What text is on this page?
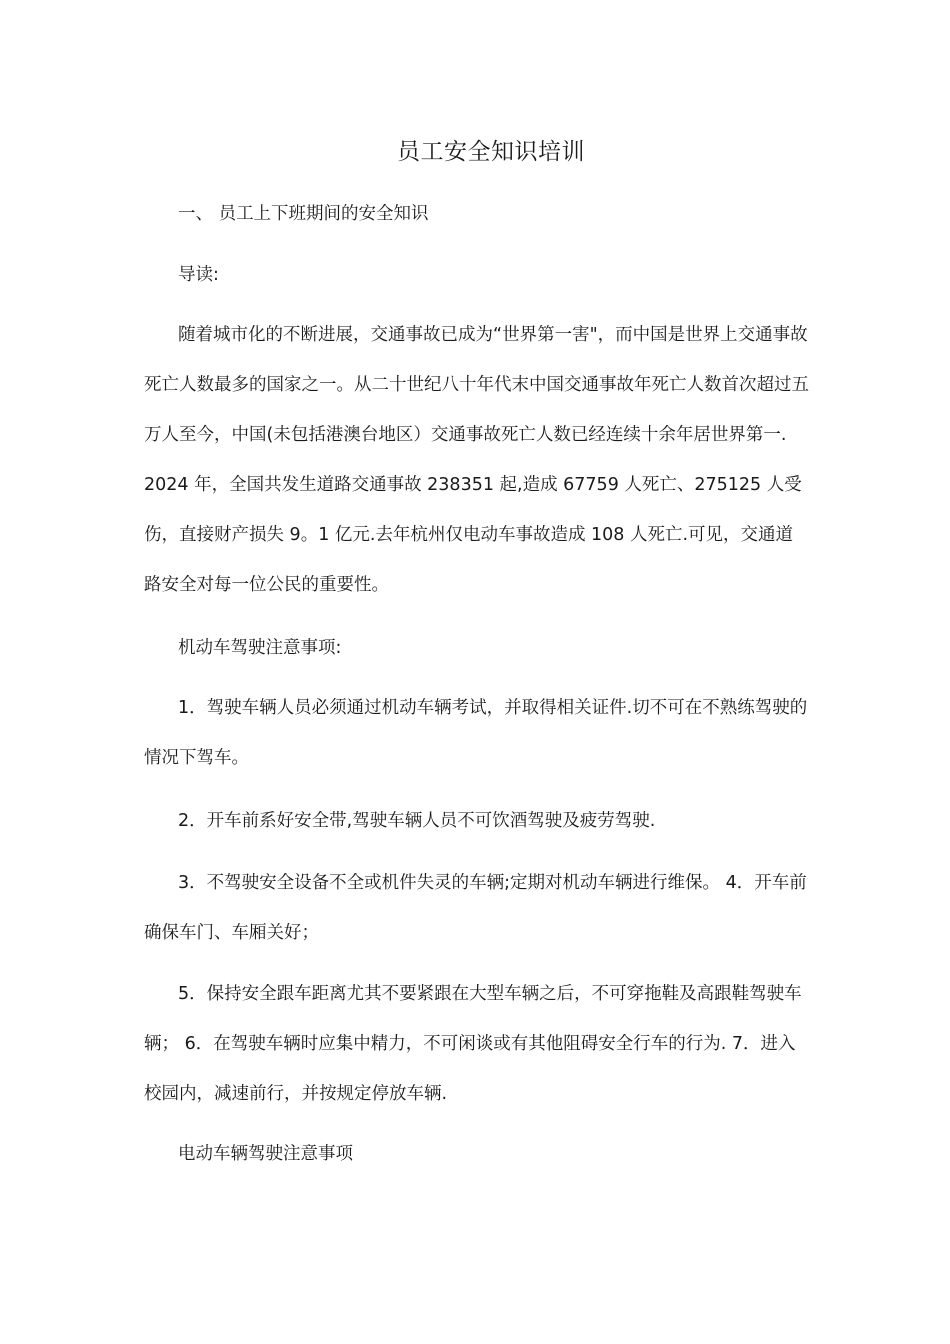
员工安全知识培训

一、 员工上下班期间的安全知识

导读:

随着城市化的不断进展，交通事故已成为“世界第一害"，而中国是世界上交通事故死亡人数最多的国家之一。从二十世纪八十年代末中国交通事故年死亡人数首次超过五万人至今，中国(未包括港澳台地区）交通事故死亡人数已经连续十余年居世界第一. 2024 年，全国共发生道路交通事故 238351 起,造成 67759 人死亡、275125 人受伤，直接财产损失 9。1 亿元.去年杭州仅电动车事故造成 108 人死亡.可见，交通道路安全对每一位公民的重要性。

机动车驾驶注意事项:

1．驾驶车辆人员必须通过机动车辆考试，并取得相关证件.切不可在不熟练驾驶的情况下驾车。

2．开车前系好安全带,驾驶车辆人员不可饮酒驾驶及疲劳驾驶.

3．不驾驶安全设备不全或机件失灵的车辆;定期对机动车辆进行维保。 4．开车前确保车门、车厢关好；

5．保持安全跟车距离尤其不要紧跟在大型车辆之后，不可穿拖鞋及高跟鞋驾驶车辆； 6．在驾驶车辆时应集中精力，不可闲谈或有其他阻碍安全行车的行为. 7．进入校园内，减速前行，并按规定停放车辆.

电动车辆驾驶注意事项
